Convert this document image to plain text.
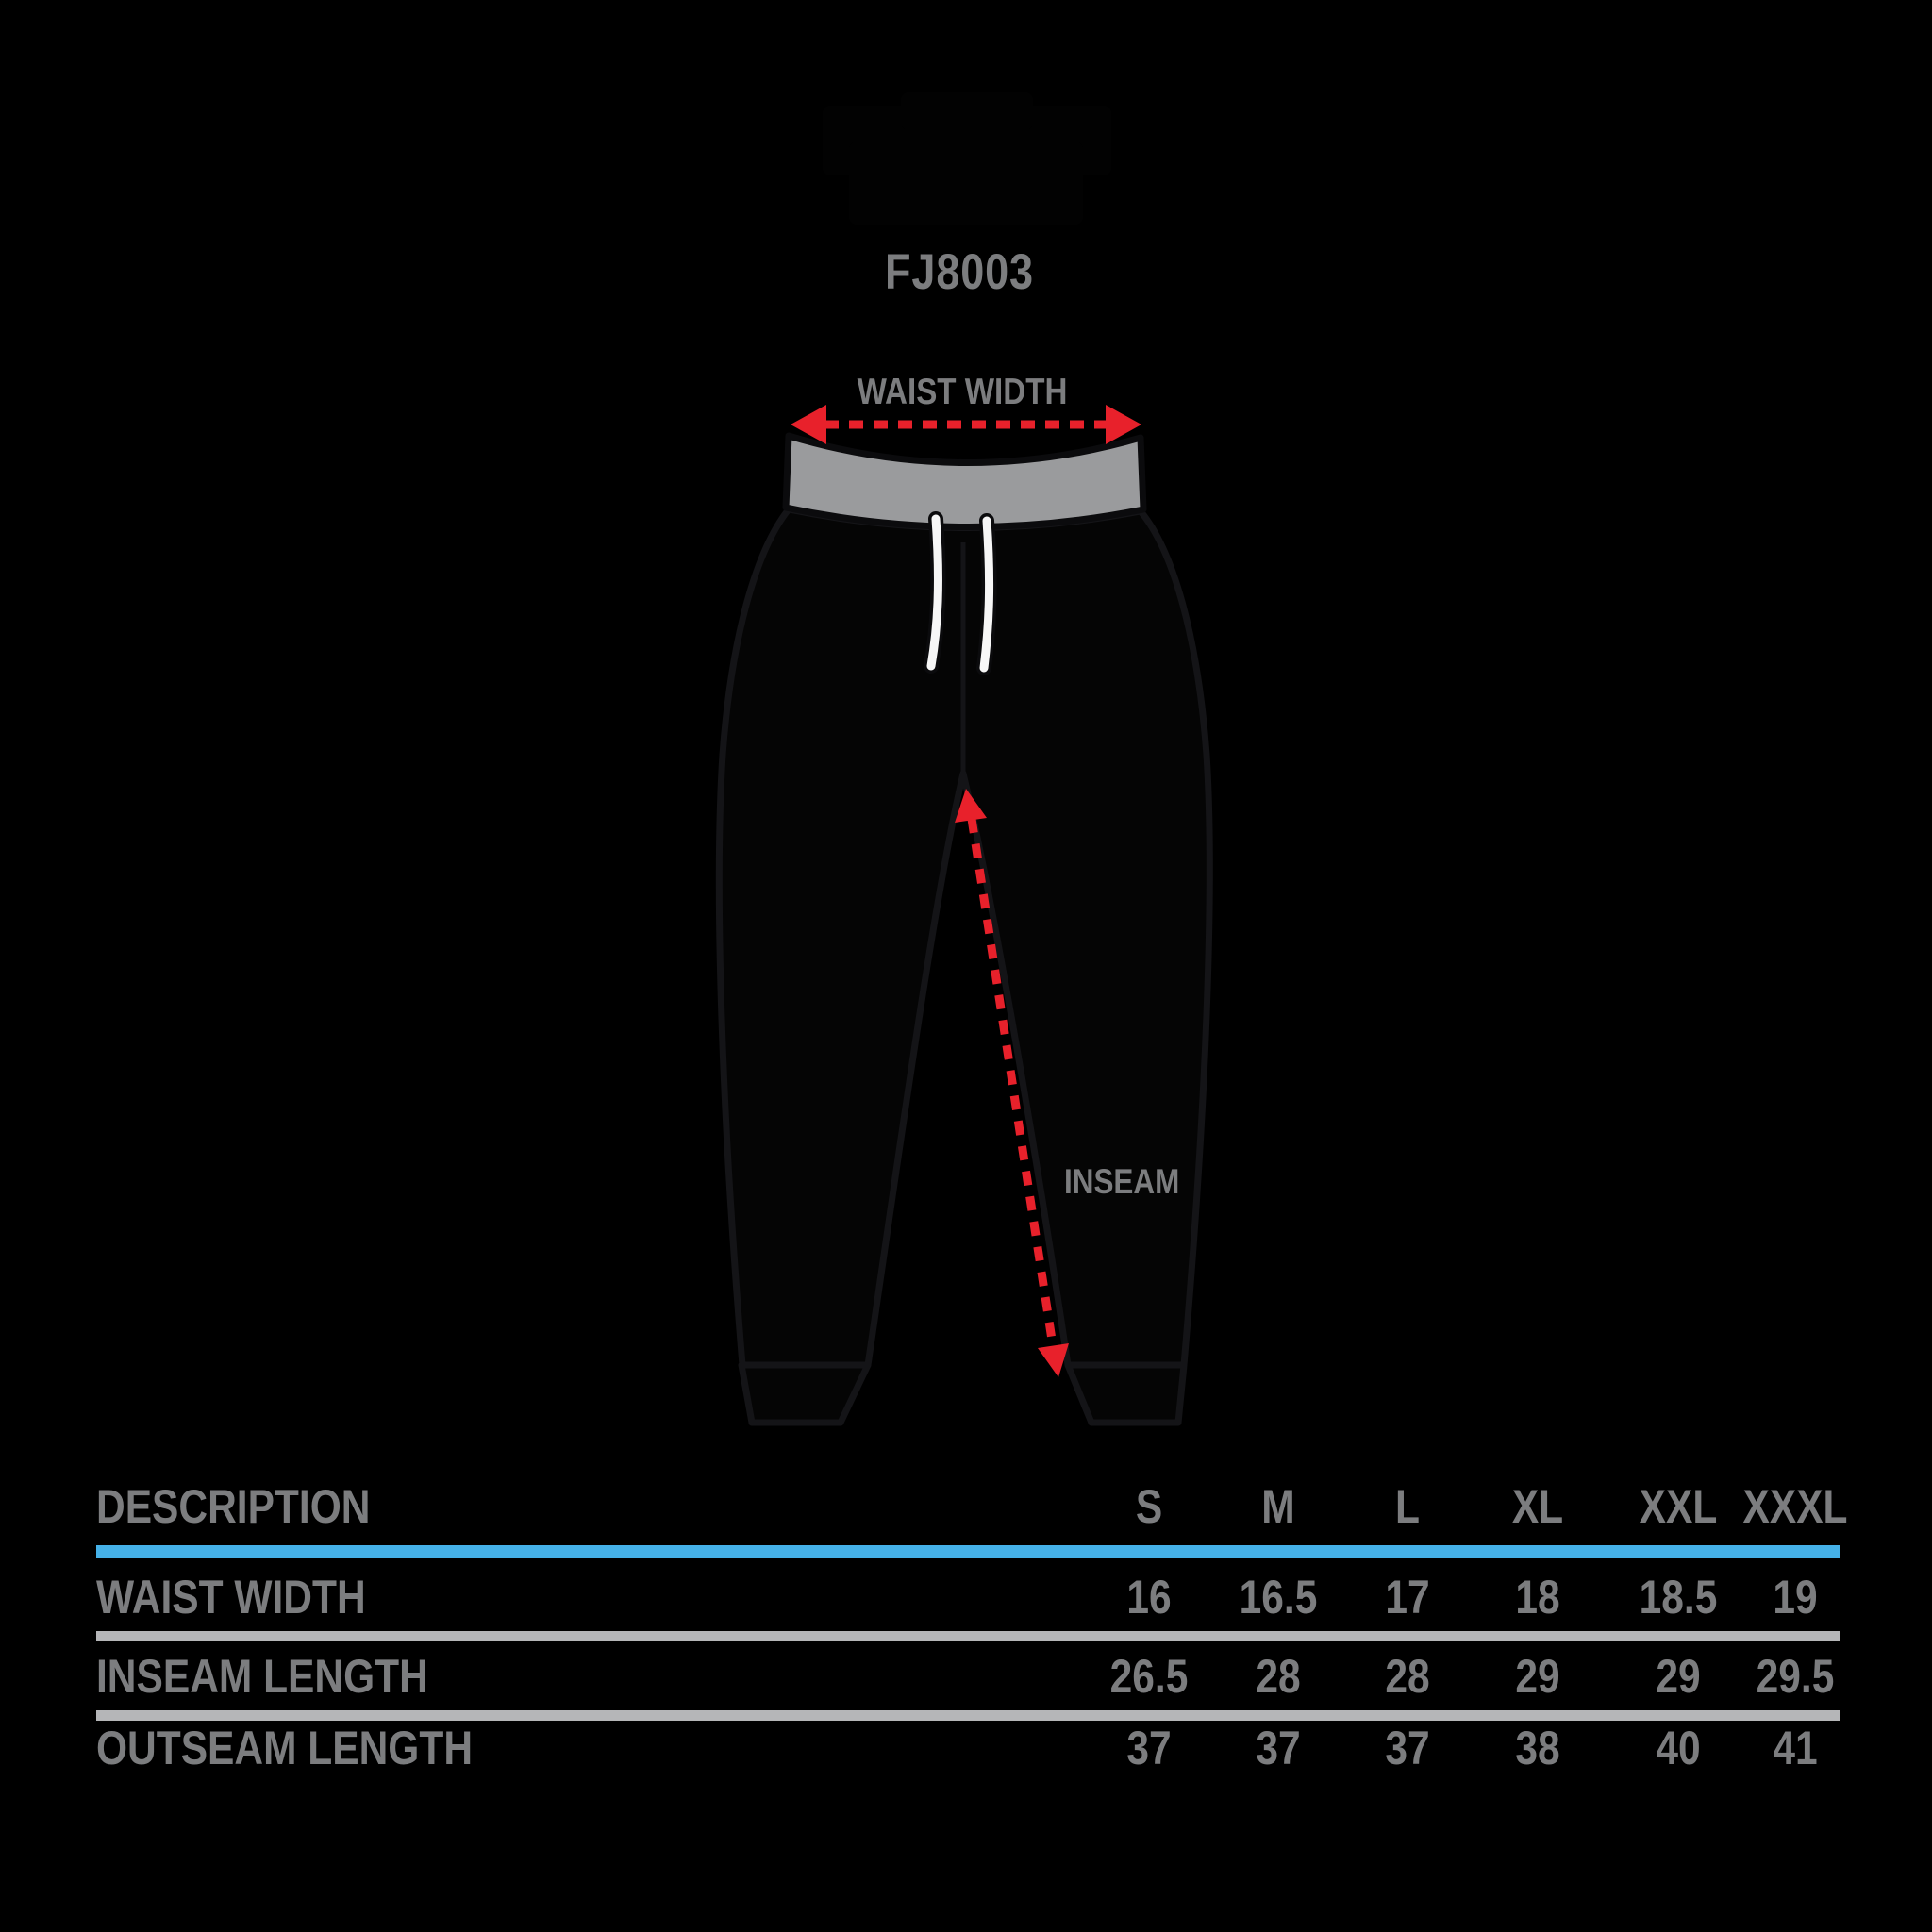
FJ8003
WAIST WIDTH
INSEAM
DESCRIPTION	S	M	L	XL	XXL XXXL
WAIST WIDTH	16	16.5	17	18	18.5	19
INSEAM LENGTH	26.5	28	28	29	29	29.5
OUTSEAM LENGTH	37	37	37	38	40	41
